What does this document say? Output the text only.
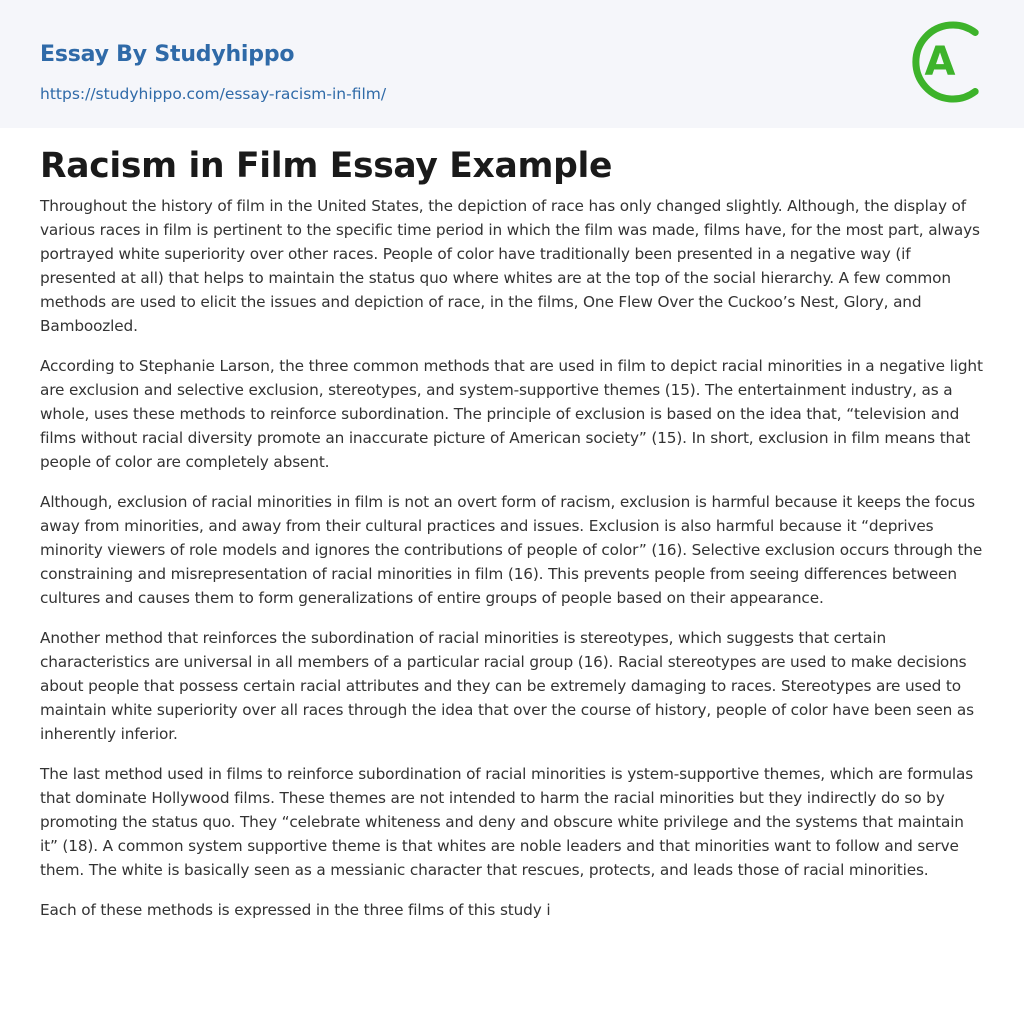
Essay By Studyhippo
https://studyhippo.com/essay-racism-in-film/
A
Racism in Film Essay Example

Throughout the history of film in the United States, the depiction of race has only changed slightly. Although, the display of various races in film is pertinent to the specific time period in which the film was made, films have, for the most part, always portrayed white superiority over other races. People of color have traditionally been presented in a negative way (if presented at all) that helps to maintain the status quo where whites are at the top of the social hierarchy. A few common methods are used to elicit the issues and depiction of race, in the films, One Flew Over the Cuckoo’s Nest, Glory, and Bamboozled.

According to Stephanie Larson, the three common methods that are used in film to depict racial minorities in a negative light are exclusion and selective exclusion, stereotypes, and system-supportive themes (15). The entertainment industry, as a whole, uses these methods to reinforce subordination. The principle of exclusion is based on the idea that, “television and films without racial diversity promote an inaccurate picture of American society” (15). In short, exclusion in film means that people of color are completely absent.

Although, exclusion of racial minorities in film is not an overt form of racism, exclusion is harmful because it keeps the focus away from minorities, and away from their cultural practices and issues. Exclusion is also harmful because it “deprives minority viewers of role models and ignores the contributions of people of color” (16). Selective exclusion occurs through the constraining and misrepresentation of racial minorities in film (16). This prevents people from seeing differences between cultures and causes them to form generalizations of entire groups of people based on their appearance.

Another method that reinforces the subordination of racial minorities is stereotypes, which suggests that certain characteristics are universal in all members of a particular racial group (16). Racial stereotypes are used to make decisions about people that possess certain racial attributes and they can be extremely damaging to races. Stereotypes are used to maintain white superiority over all races through the idea that over the course of history, people of color have been seen as inherently inferior.

The last method used in films to reinforce subordination of racial minorities is ystem-supportive themes, which are formulas that dominate Hollywood films. These themes are not intended to harm the racial minorities but they indirectly do so by promoting the status quo. They “celebrate whiteness and deny and obscure white privilege and the systems that maintain it” (18). A common system supportive theme is that whites are noble leaders and that minorities want to follow and serve them. The white is basically seen as a messianic character that rescues, protects, and leads those of racial minorities.

Each of these methods is expressed in the three films of this study i
